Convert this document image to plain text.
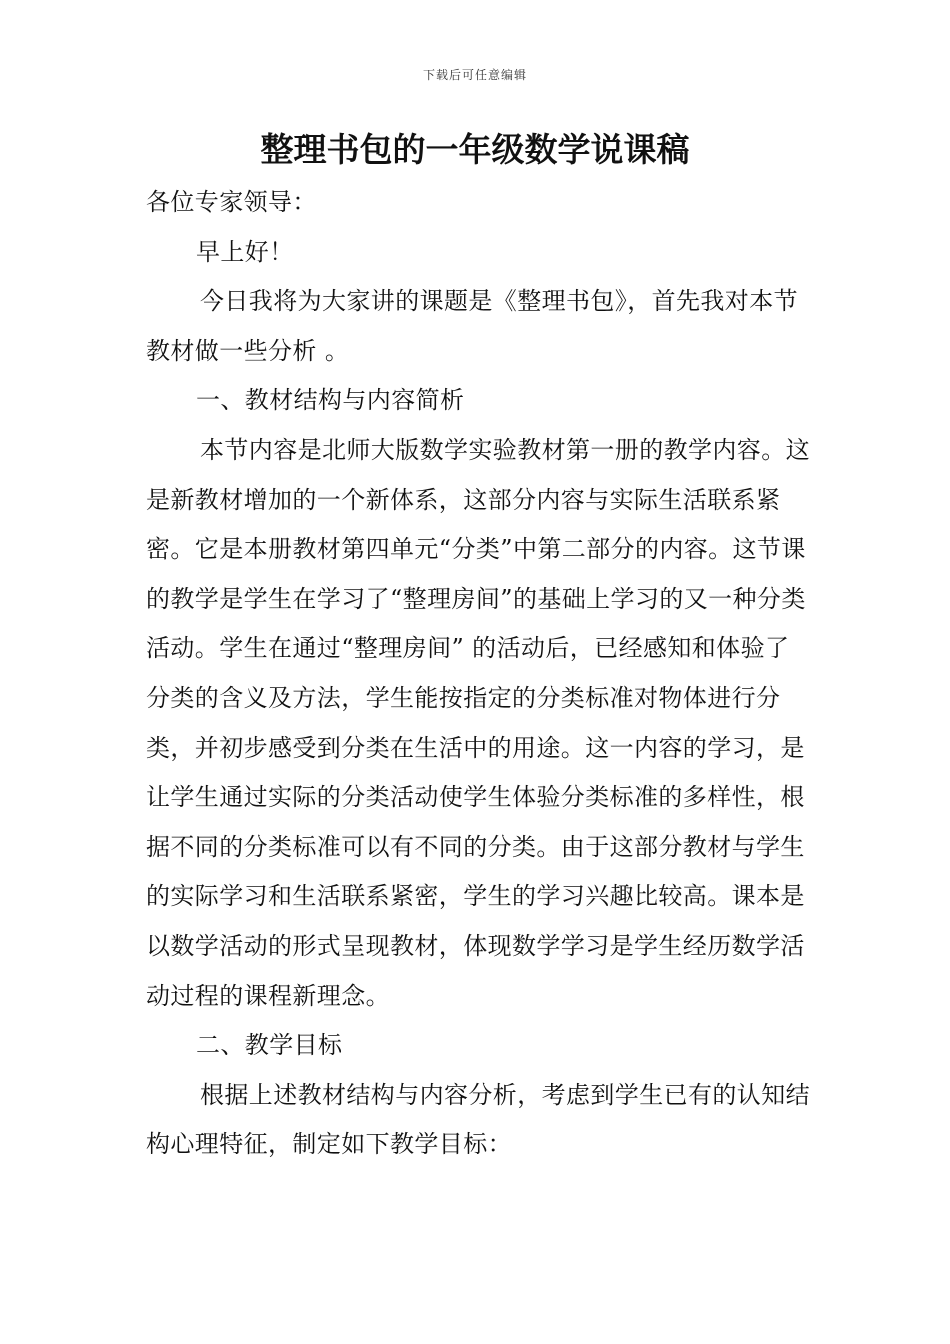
下载后可任意编辑
整理书包的一年级数学说课稿

各位专家领导：

早上好！

今日我将为大家讲的课题是《整理书包》，首先我对本节教材做一些分析 。

一、教材结构与内容简析

本节内容是北师大版数学实验教材第一册的教学内容。这是新教材增加的一个新体系，这部分内容与实际生活联系紧密。它是本册教材第四单元“分类”中第二部分的内容。这节课的教学是学生在学习了“整理房间”的基础上学习的又一种分类活动。学生在通过“整理房间” 的活动后，已经感知和体验了分类的含义及方法，学生能按指定的分类标准对物体进行分类，并初步感受到分类在生活中的用途。这一内容的学习，是让学生通过实际的分类活动使学生体验分类标准的多样性，根据不同的分类标准可以有不同的分类。由于这部分教材与学生的实际学习和生活联系紧密，学生的学习兴趣比较高。课本是以数学活动的形式呈现教材，体现数学学习是学生经历数学活动过程的课程新理念。

二、教学目标

根据上述教材结构与内容分析，考虑到学生已有的认知结构心理特征，制定如下教学目标：
